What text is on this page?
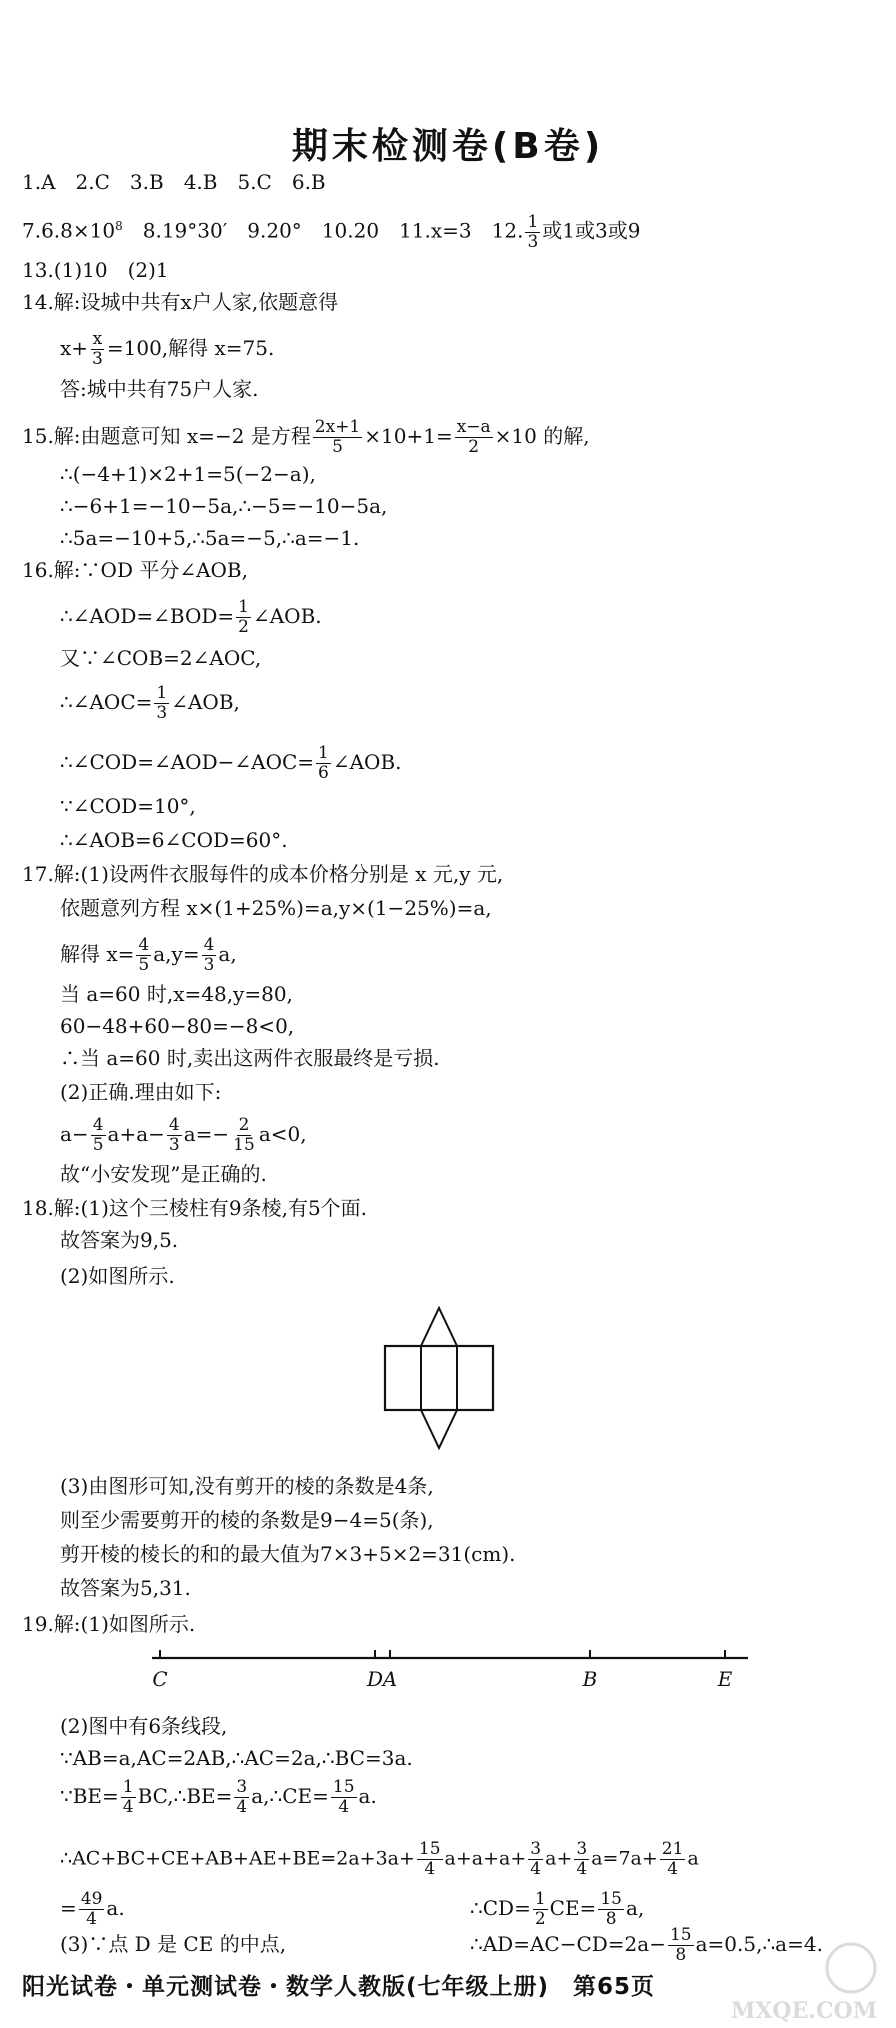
期末检测卷(B卷)
1.A　2.C　3.B　4.B　5.C　6.B
$7.6.8\times 10^8$　8.19°30′　9.20°　10.20　11.x=3　12. $\frac{1}{3}$ 或1或3或9
13.(1)10　(2)1
14.解:设城中共有x户人家,依题意得
$x+ \frac{x}{3} =100$,解得 x=75.
答:城中共有75户人家.
15.解:由题意可知 x=−2 是方程 $\frac{2x+1}{5} \times 10+1= \frac{x-a}{2} \times 10$ 的解,
∴(−4+1)×2+1=5(−2−a),
∴−6+1=−10−5a,∴−5=−10−5a,
∴5a=−10+5,∴5a=−5,∴a=−1.
16.解:∵OD 平分∠AOB,
∴∠AOD=∠BOD= $\frac{1}{2}$ ∠AOB.
又∵∠COB=2∠AOC,
∴∠AOC= $\frac{1}{3}$ ∠AOB,
∴∠COD=∠AOD−∠AOC= $\frac{1}{6}$ ∠AOB.
∵∠COD=10°,
∴∠AOB=6∠COD=60°.
17.解:(1)设两件衣服每件的成本价格分别是 x 元,y 元,
依题意列方程 x×(1+25%)=a,y×(1−25%)=a,
解得 $x= \frac{4}{5} a,y= \frac{4}{3} a$,
当 a=60 时,x=48,y=80,
60−48+60−80=−8<0,
∴当 a=60 时,卖出这两件衣服最终是亏损.
(2)正确.理由如下:
$a- \frac{4}{5} a+a- \frac{4}{3} a=- \frac{2}{15} a<0$,
故“小安发现”是正确的.
18.解:(1)这个三棱柱有9条棱,有5个面.
故答案为9,5.
(2)如图所示.
(3)由图形可知,没有剪开的棱的条数是4条,
则至少需要剪开的棱的条数是9−4=5(条),
剪开棱的棱长的和的最大值为7×3+5×2=31(cm).
故答案为5,31.
19.解:(1)如图所示.
C	D A	B	E
(2)图中有6条线段,
∵AB=a,AC=2AB,∴AC=2a,∴BC=3a.
∵BE= $\frac{1}{4}$ BC,∴BE= $\frac{3}{4}$ a,∴CE= $\frac{15}{4} a$.
∴AC+BC+CE+AB+AE+BE=2a+3a+ $\frac{15}{4} a+a+a+ \frac{3}{4} a+ \frac{3}{4} a=7a+ \frac{21}{4}$ a
= $\frac{49}{4} a$.
阳光试卷・单元测试卷・数学人教版(七年级上册)　第65页
MXQE.COM
(3)∵点 D 是 CE 的中点,
∴CD= $\frac{1}{2} CE= \frac{15}{8} a$,
∴AD=AC−CD=2a− $\frac{15}{8}$ a=0.5,∴a=4.
